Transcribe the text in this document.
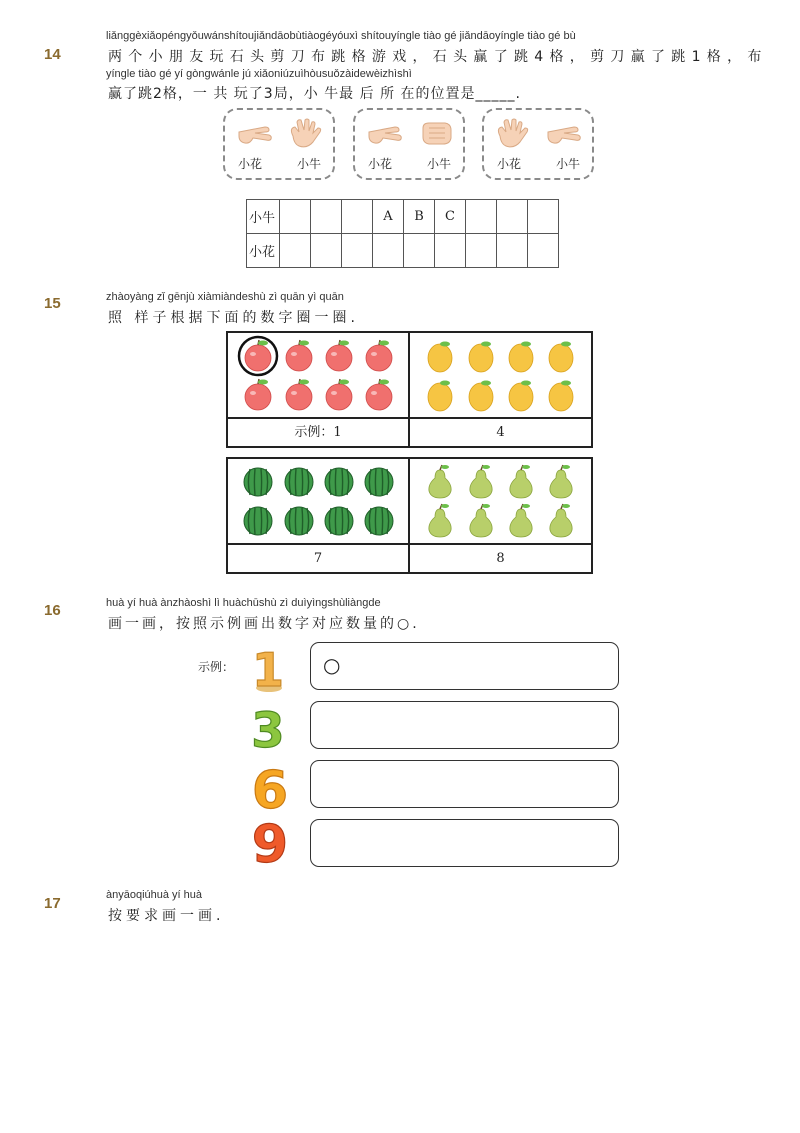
14
liǎnggèxiǎopéngyǒuwánshítoujiǎndāobùtiàogéyóuxì shítouyíngle tiào gé jiǎndāoyíngle tiào gé bù
两个小朋友玩石头剪刀布跳格游戏，石头赢了跳4格，剪刀赢了跳1格，布
yíngle tiào gé yí gòngwánle jú xiǎoniúzuìhòusuǒzàidewèizhìshì
赢了跳2格，一 共 玩了3局，小 牛最 后 所 在的位置是_____.
小花	小牛	小花	小牛	小花	小牛
小牛				A	B	C			
小花									
15	zhàoyàng zǐ gēnjù xiàmiàndeshù zì quān yì quān
照 样子根据下面的数字圈一圈.
示例：1	4
7	8
16	huà yí huà ànzhàoshì lì huàchūshù zì duìyìngshùliàngde
画一画，按照示例画出数字对应数量的○.
示例： 1
3
6
9
○
17	ànyāoqiúhuà yí huà
按要求画一画.
